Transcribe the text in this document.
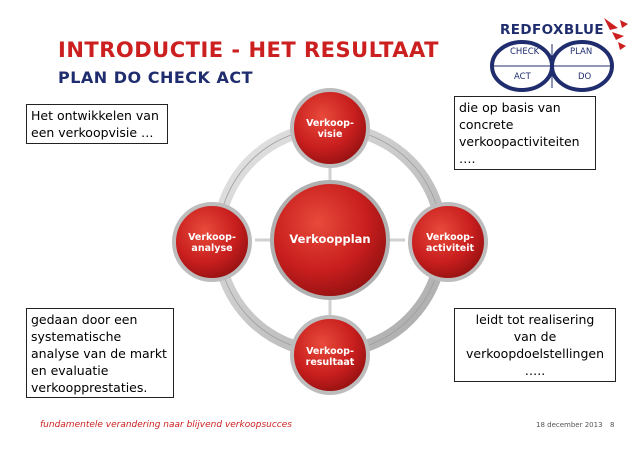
INTRODUCTIE - HET RESULTAAT
PLAN DO CHECK ACT
REDFOXBLUE
CHECK	PLAN
ACT	DO
Verkoopplan
Verkoop-
visie
Verkoop-
activiteit
Verkoop-
resultaat
Verkoop-
analyse
Het ontwikkelen van
een verkoopvisie …
die op basis van
concrete
verkoopactiviteiten
….
gedaan door een
systematische
analyse van de markt
en evaluatie
verkoopprestaties.
leidt tot realisering
van de
verkoopdoelstellingen
…..
fundamentele verandering naar blijvend verkoopsucces	18 december 2013 8
